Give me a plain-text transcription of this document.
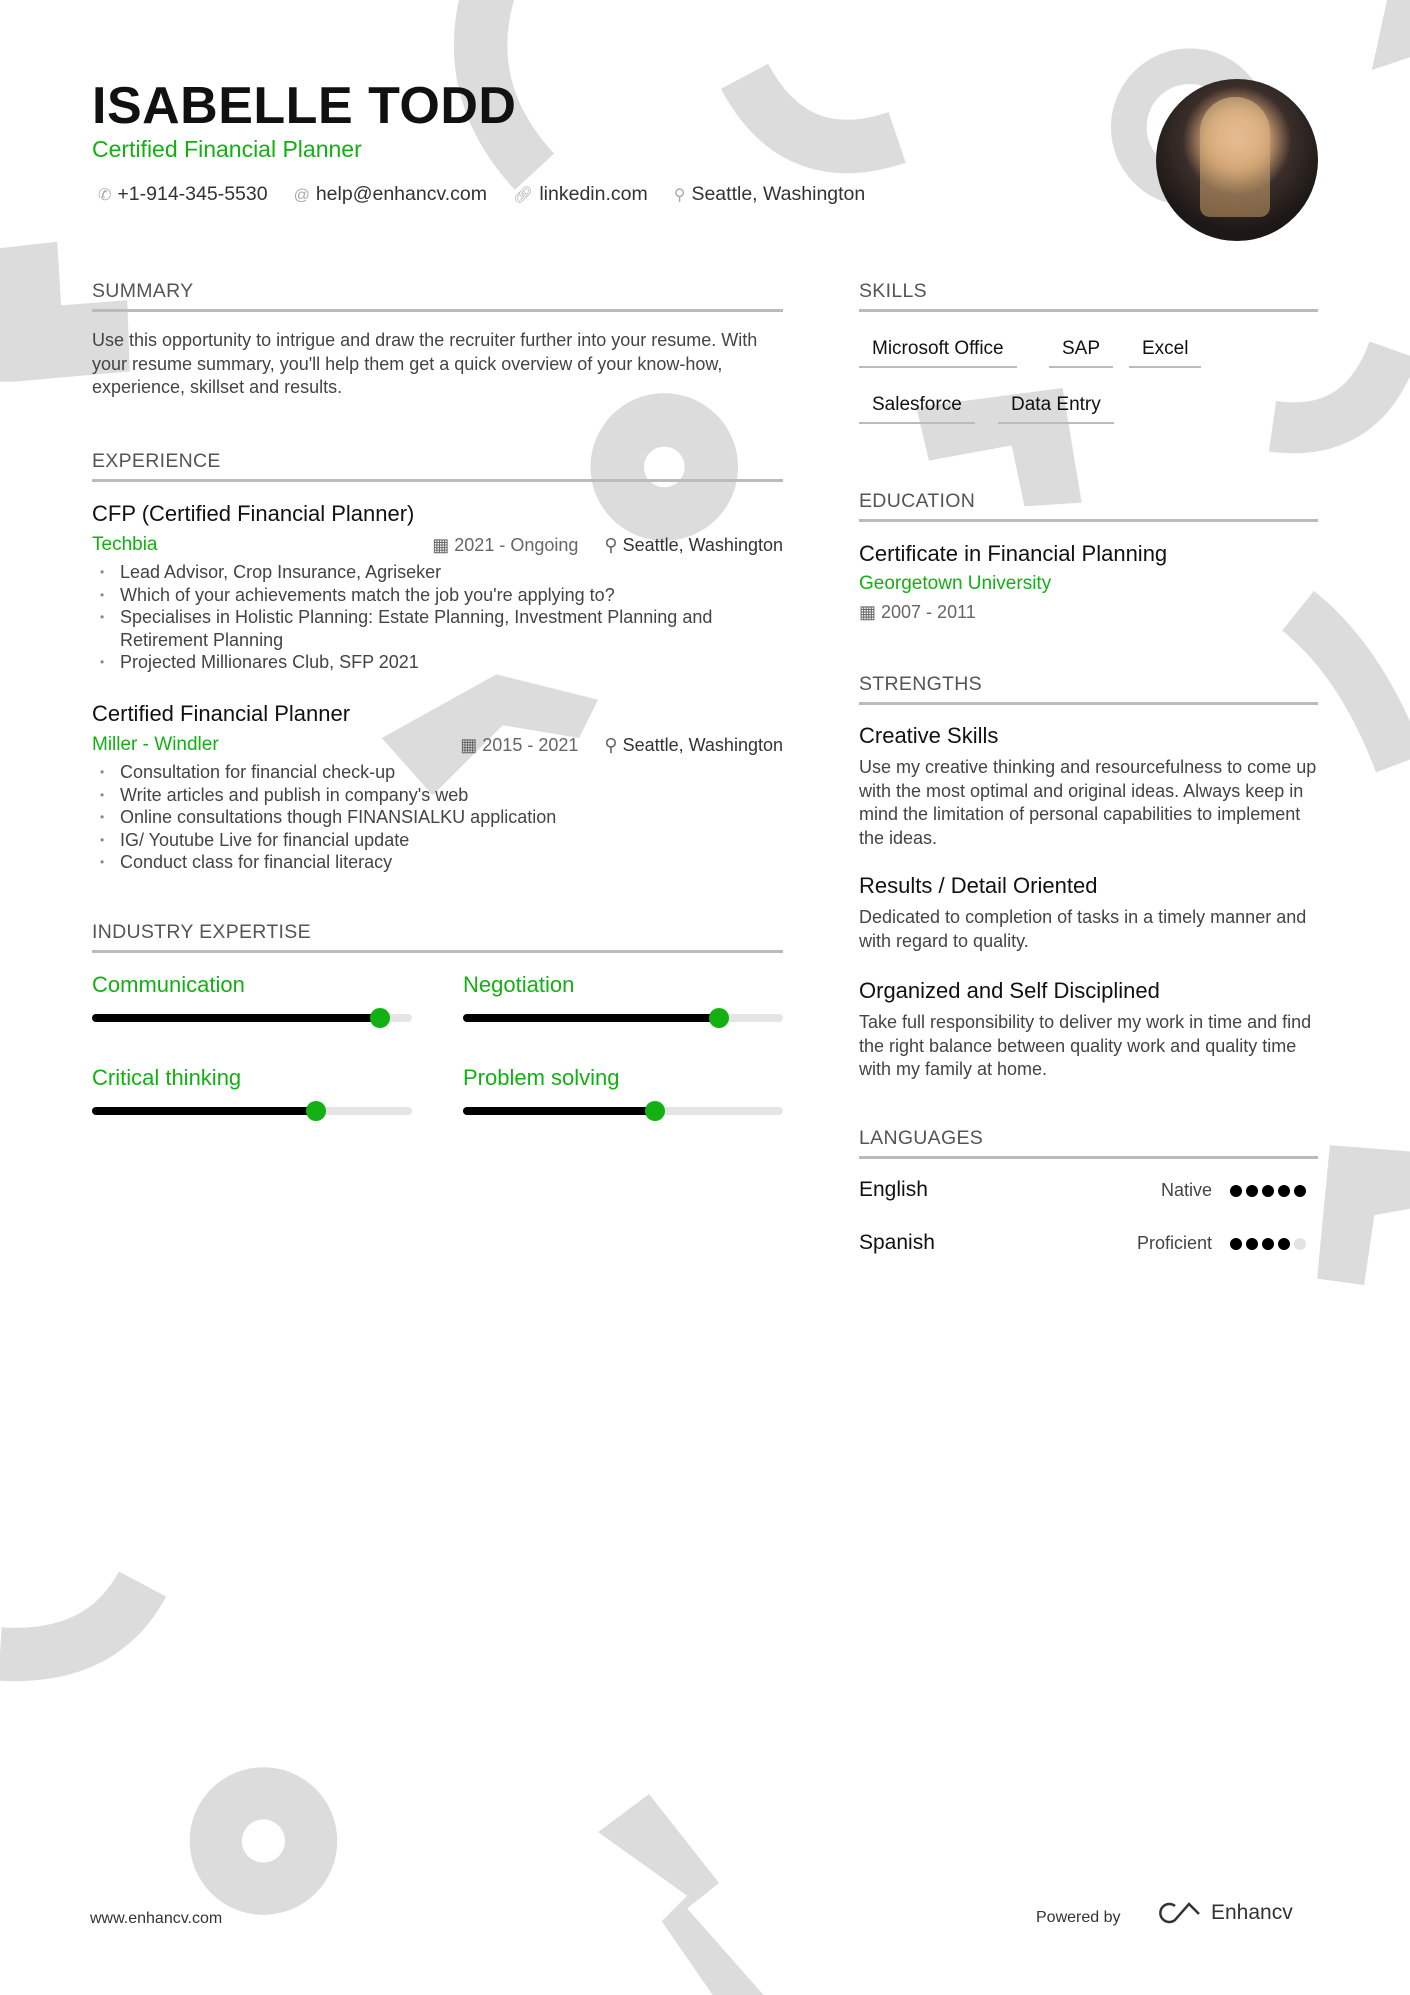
ISABELLE TODD
Certified Financial Planner
✆ +1-914-345-5530 @ help@enhancv.com 🔗︎ linkedin.com ⚲ Seattle, Washington
SUMMARY
Use this opportunity to intrigue and draw the recruiter further into your resume. With your resume summary, you'll help them get a quick overview of your know-how, experience, skillset and results.
EXPERIENCE
CFP (Certified Financial Planner)
Techbia	▦ 2021 - Ongoing ⚲ Seattle, Washington
• Lead Advisor, Crop Insurance, Agriseker
• Which of your achievements match the job you're applying to?
• Specialises in Holistic Planning: Estate Planning, Investment Planning and Retirement Planning
• Projected Millionares Club, SFP 2021
Certified Financial Planner
Miller - Windler	▦ 2015 - 2021 ⚲ Seattle, Washington
• Consultation for financial check-up
• Write articles and publish in company's web
• Online consultations though FINANSIALKU application
• IG/ Youtube Live for financial update
• Conduct class for financial literacy
INDUSTRY EXPERTISE
Communication	Negotiation
Critical thinking	Problem solving
SKILLS
Microsoft Office	SAP	Excel
Salesforce	Data Entry
EDUCATION
Certificate in Financial Planning
Georgetown University
▦ 2007 - 2011
STRENGTHS
Creative Skills
Use my creative thinking and resourcefulness to come up with the most optimal and original ideas. Always keep in mind the limitation of personal capabilities to implement the ideas.
Results / Detail Oriented
Dedicated to completion of tasks in a timely manner and with regard to quality.
Organized and Self Disciplined
Take full responsibility to deliver my work in time and find the right balance between quality work and quality time with my family at home.
LANGUAGES
English	Native
Spanish	Proficient
www.enhancv.com	Powered by	Enhancv
